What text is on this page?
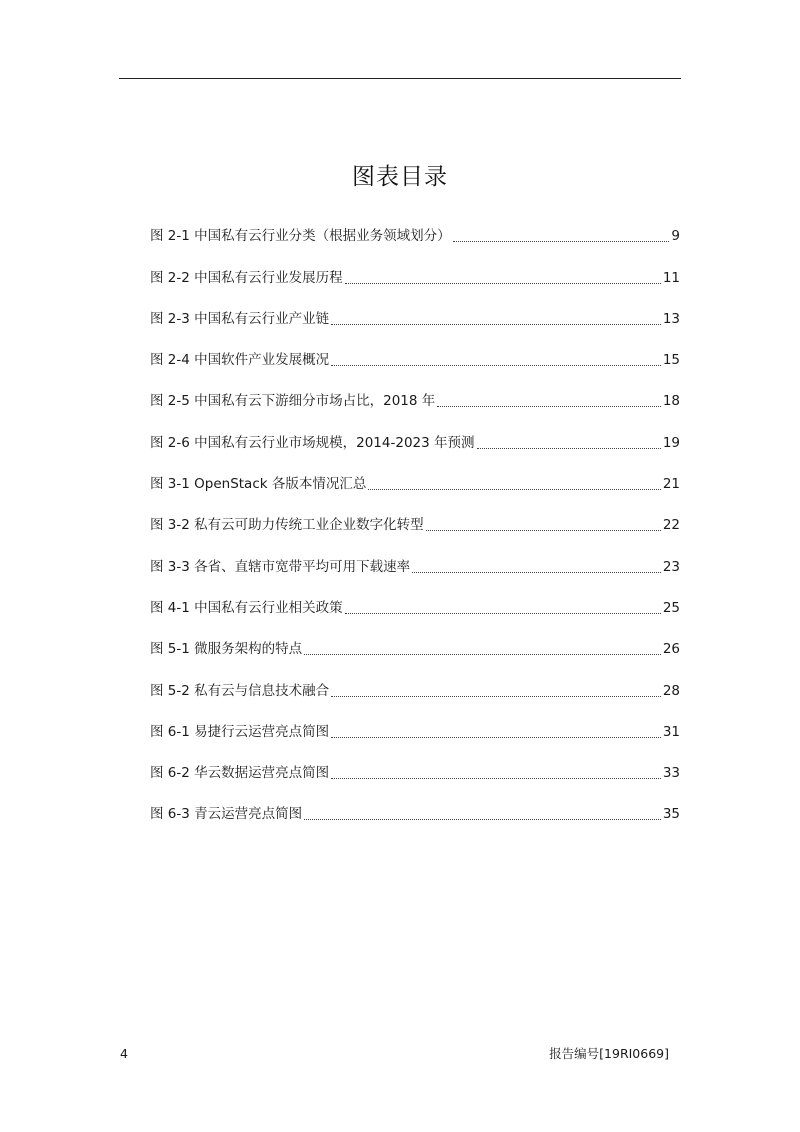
图表目录
图 2-1 中国私有云行业分类（根据业务领域划分）	9
图 2-2 中国私有云行业发展历程	11
图 2-3 中国私有云行业产业链	13
图 2-4 中国软件产业发展概况	15
图 2-5 中国私有云下游细分市场占比，2018 年	18
图 2-6 中国私有云行业市场规模，2014-2023 年预测	19
图 3-1 OpenStack 各版本情况汇总	21
图 3-2 私有云可助力传统工业企业数字化转型	22
图 3-3 各省、直辖市宽带平均可用下载速率	23
图 4-1 中国私有云行业相关政策	25
图 5-1 微服务架构的特点	26
图 5-2 私有云与信息技术融合	28
图 6-1 易捷行云运营亮点简图	31
图 6-2 华云数据运营亮点简图	33
图 6-3 青云运营亮点简图	35
4	报告编号[19RI0669]
